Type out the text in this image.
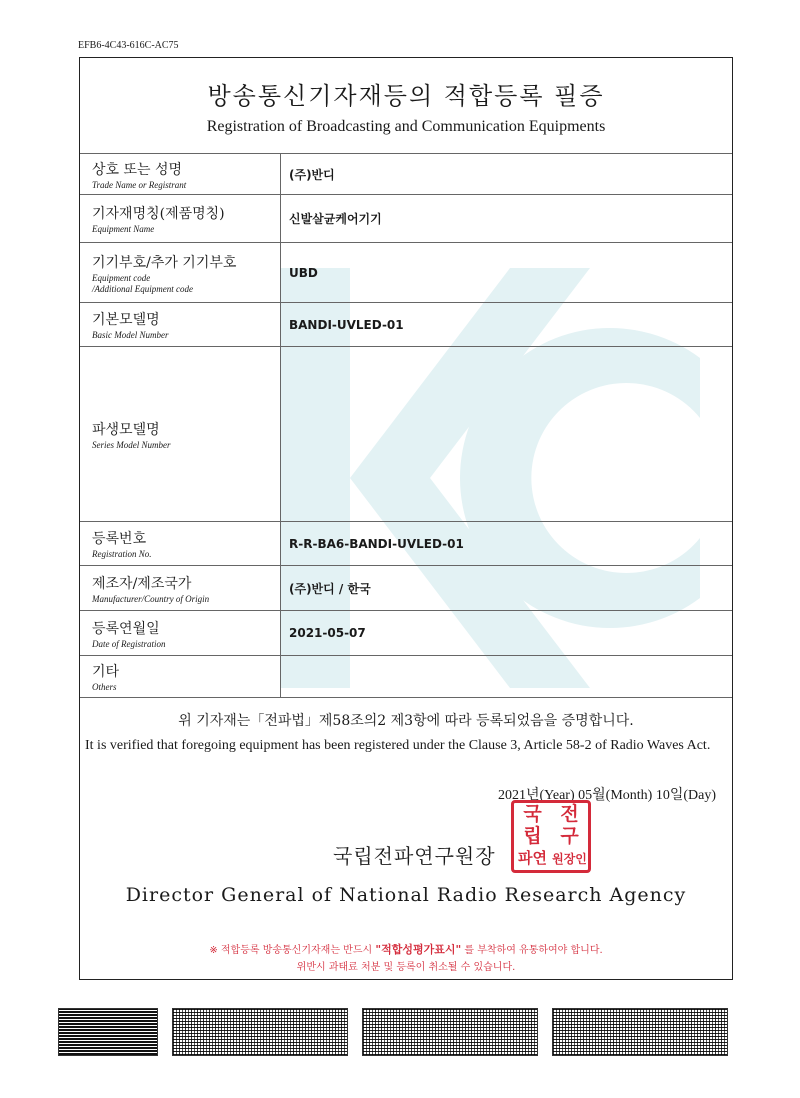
EFB6-4C43-616C-AC75
방송통신기자재등의 적합등록 필증
Registration of Broadcasting and Communication Equipments
상호 또는 성명
Trade Name or Registrant	(주)반디

기자재명칭(제품명칭)
Equipment Name	신발살균케어기기

기기부호/추가 기기부호
Equipment code
/Additional Equipment code	UBD

기본모델명
Basic Model Number	BANDI-UVLED-01

파생모델명
Series Model Number	

등록번호
Registration No.	R-R-BA6-BANDI-UVLED-01

제조자/제조국가
Manufacturer/Country of Origin	(주)반디 / 한국

등록연월일
Date of Registration	2021-05-07

기타
Others	

위 기자재는「전파법」제58조의2 제3항에 따라 등록되었음을 증명합니다.
It is verified that foregoing equipment has been registered under the Clause 3, Article 58-2 of Radio Waves Act.
2021년(Year) 05월(Month) 10일(Day)
국립전파연구원장
국 전
립 구
파연 원장인
Director General of National Radio Research Agency
※ 적합등록 방송통신기자재는 반드시 "적합성평가표시" 를 부착하여 유통하여야 합니다.
위반시 과태료 처분 및 등록이 취소될 수 있습니다.
